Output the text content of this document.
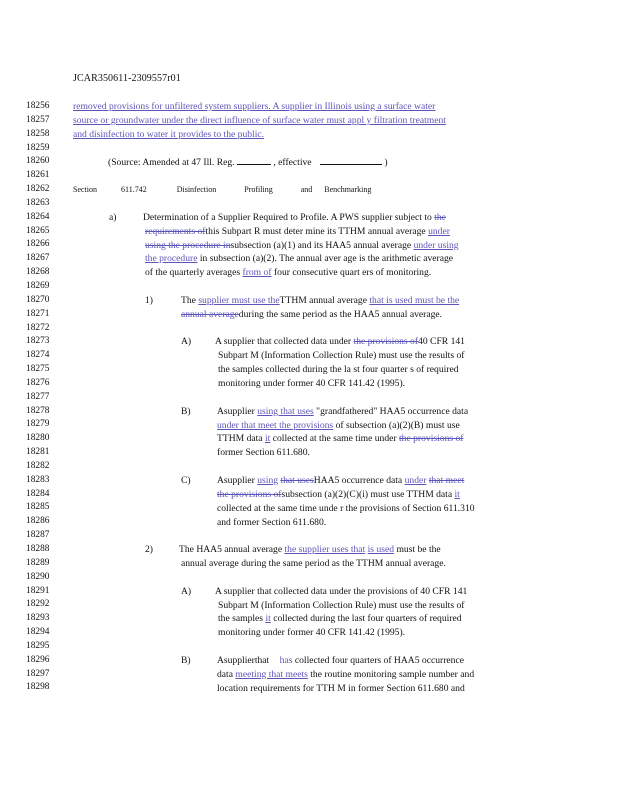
JCAR350611-2309557r01
18256
18257
18258
18259
18260
18261
18262
18263
18264
18265
18266
18267
18268
18269
18270
18271
18272
18273
18274
18275
18276
18277
18278
18279
18280
18281
18282
18283
18284
18285
18286
18287
18288
18289
18290
18291
18292
18293
18294
18295
18296
18297
18298
removed provisions for unfiltered system suppliers. A supplier in Illinois using a surface water
source or groundwater under the direct influence of surface water must appl y filtration treatment
and disinfection to water it provides to the public.
(Source: Amended at 47 Ill. Reg.	, effective	)
Section	611.742	Disinfection	Profiling	and Benchmarking
a)	Determination of a Supplier Required to Profile. A PWS supplier subject to the
requirements ofthis Subpart R must deter mine its TTHM annual average under
using the procedure insubsection (a)(1) and its HAA5 annual average under using
the procedure in subsection (a)(2). The annual aver age is the arithmetic average
of the quarterly averages from of four consecutive quart ers of monitoring.
1)	The supplier must use theTTHM annual average that is used must be the
annual averageduring the same period as the HAA5 annual average.
A) A supplier that collected data under the provisions of40 CFR 141
Subpart M (Information Collection Rule) must use the results of
the samples collected during the la st four quarter s of required
monitoring under former 40 CFR 141.42 (1995).
B)	Asupplier using that uses "grandfathered" HAA5 occurrence data
under that meet the provisions of subsection (a)(2)(B) must use
TTHM data it collected at the same time under the provisions of
former Section 611.680.
C)	Asupplier using that usesHAA5 occurrence data under that meet
the provisions ofsubsection (a)(2)(C)(i) must use TTHM data it
collected at the same time unde r the provisions of Section 611.310
and former Section 611.680.
2)	The HAA5 annual average the supplier uses that is used must be the
annual average during the same period as the TTHM annual average.
A) A supplier that collected data under the provisions of 40 CFR 141
Subpart M (Information Collection Rule) must use the results of
the samples it collected during the last four quarters of required
monitoring under former 40 CFR 141.42 (1995).
B)	Asupplierthat has collected four quarters of HAA5 occurrence
data meeting that meets the routine monitoring sample number and
location requirements for TTH M in former Section 611.680 and
